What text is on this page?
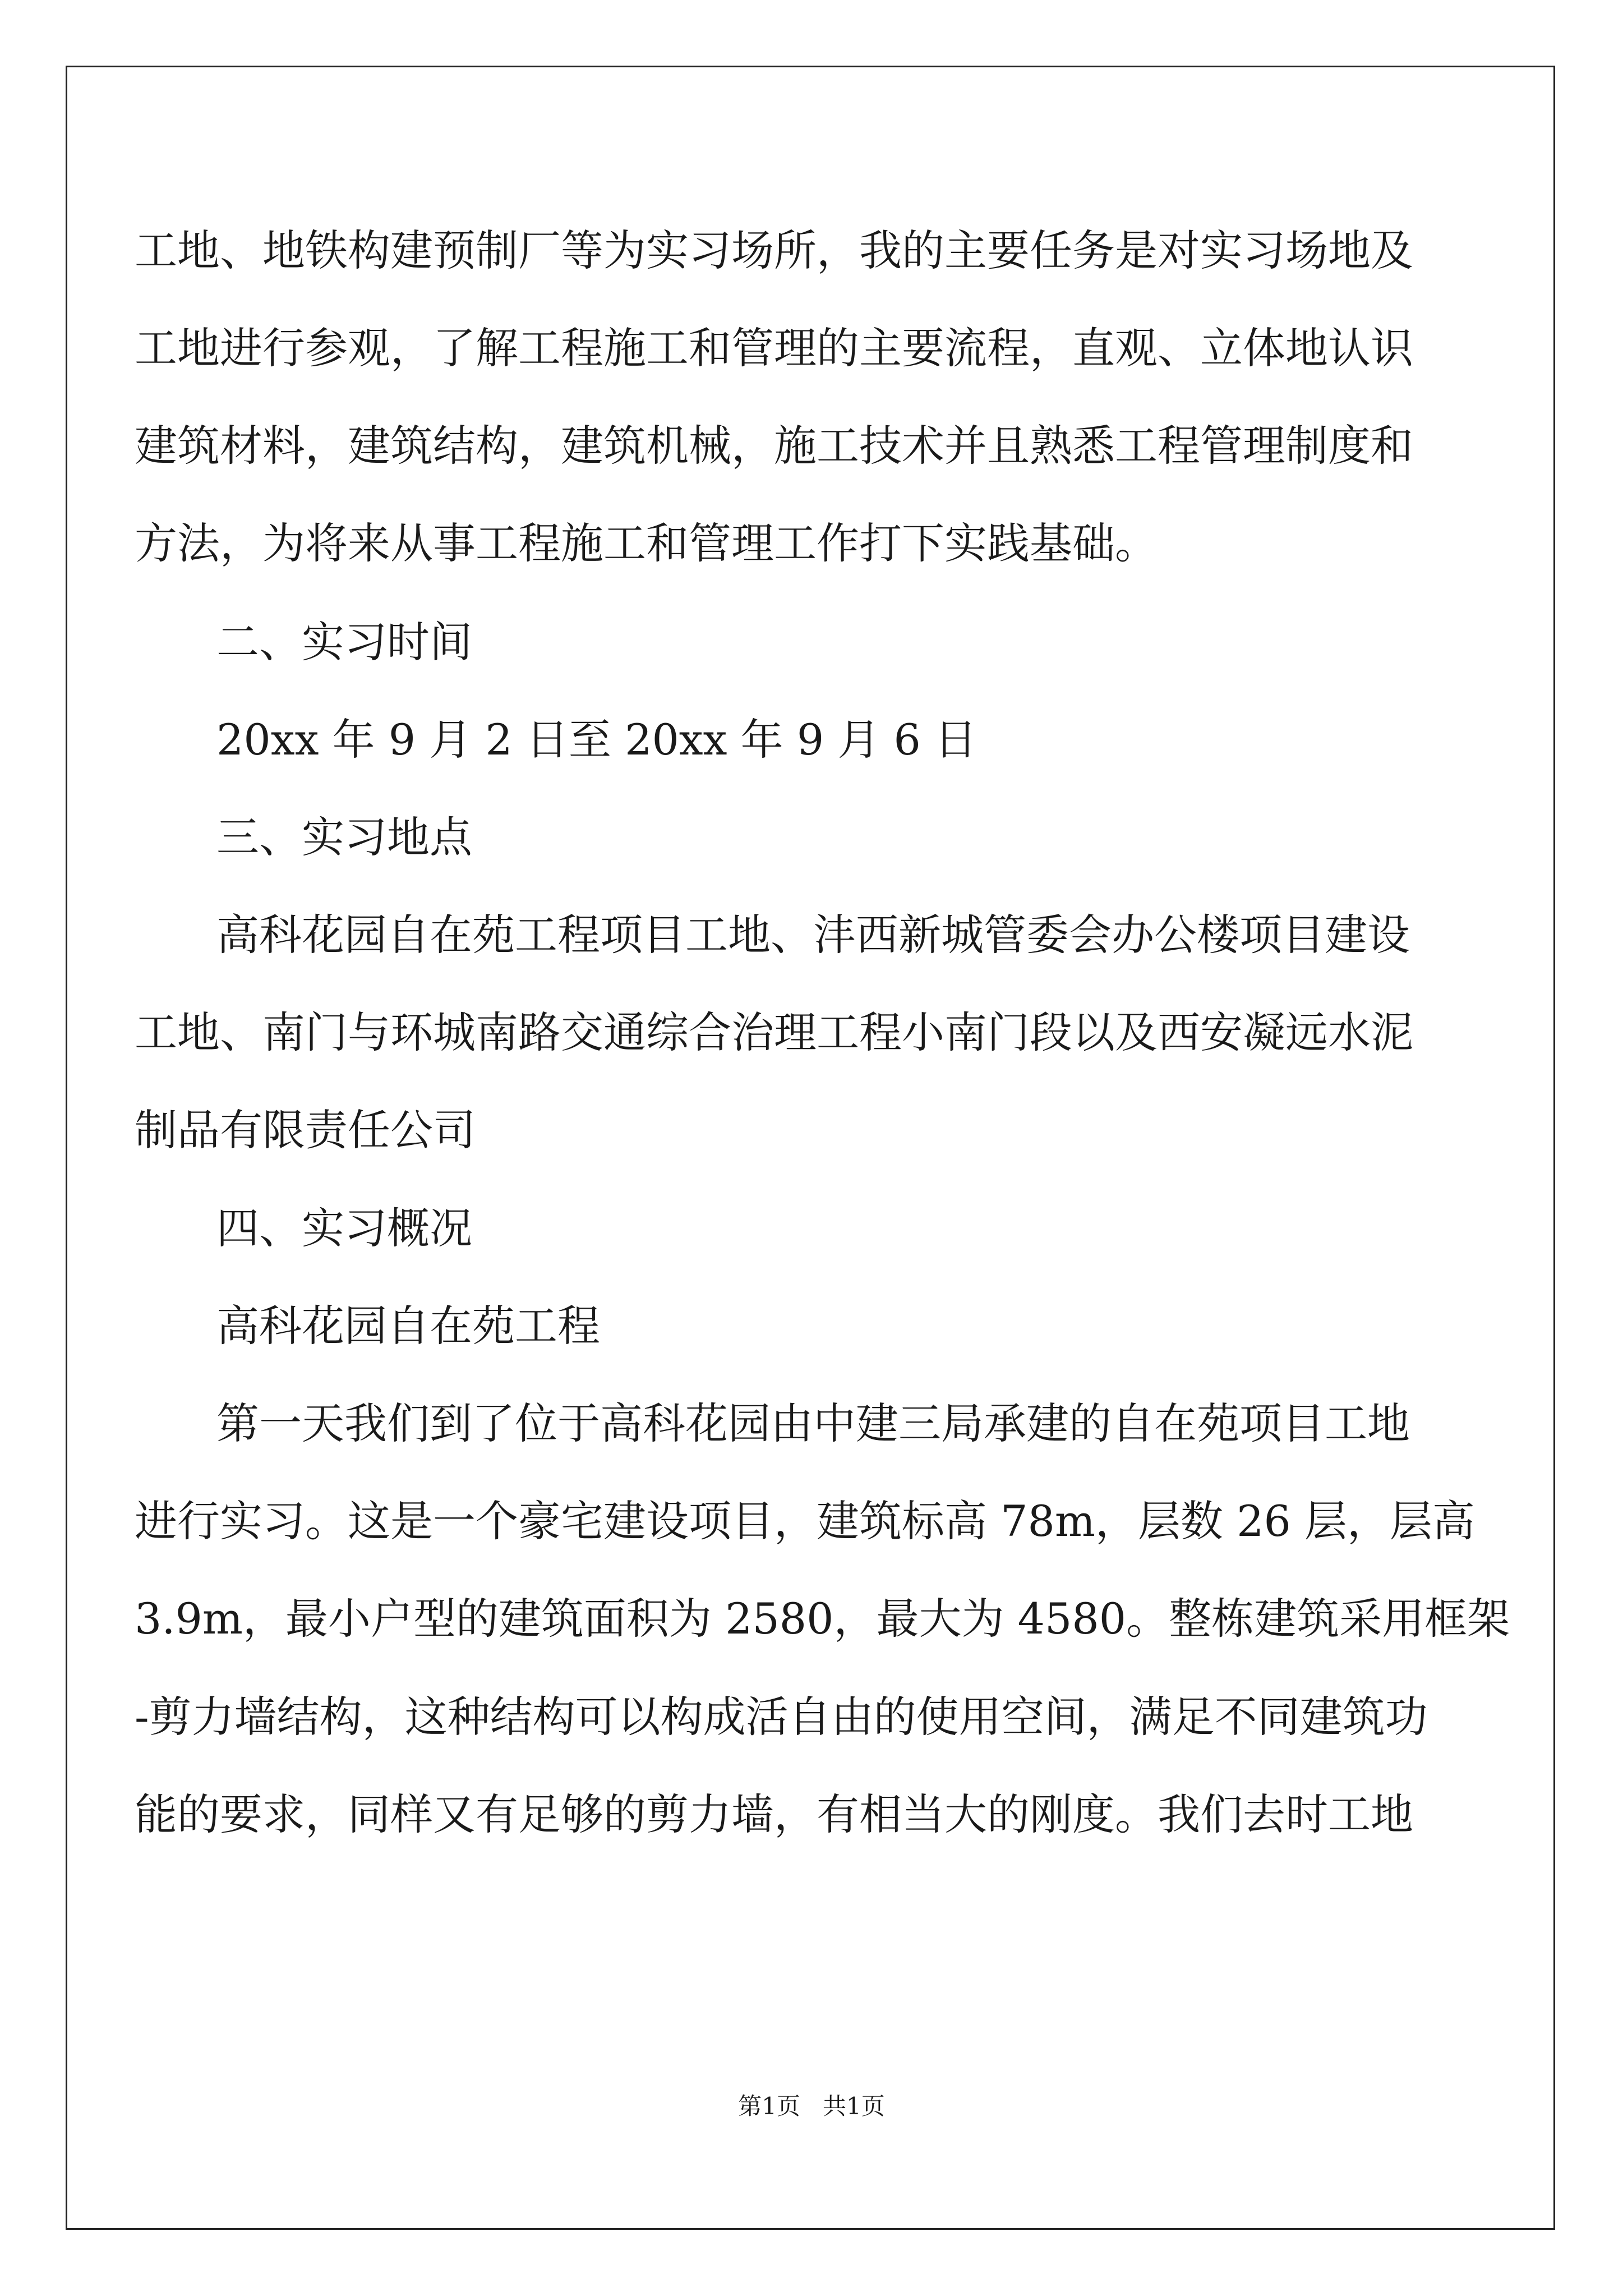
工地、地铁构建预制厂等为实习场所，我的主要任务是对实习场地及
工地进行参观，了解工程施工和管理的主要流程，直观、立体地认识
建筑材料，建筑结构，建筑机械，施工技术并且熟悉工程管理制度和
方法，为将来从事工程施工和管理工作打下实践基础。
二、实习时间
20xx 年 9 月 2 日至 20xx 年 9 月 6 日
三、实习地点
高科花园自在苑工程项目工地、沣西新城管委会办公楼项目建设
工地、南门与环城南路交通综合治理工程小南门段以及西安凝远水泥
制品有限责任公司
四、实习概况
高科花园自在苑工程
第一天我们到了位于高科花园由中建三局承建的自在苑项目工地
进行实习。这是一个豪宅建设项目，建筑标高 78m，层数 26 层，层高
3.9m，最小户型的建筑面积为 2580，最大为 4580。整栋建筑采用框架
-剪力墙结构，这种结构可以构成活自由的使用空间，满足不同建筑功
能的要求，同样又有足够的剪力墙，有相当大的刚度。我们去时工地
第1页   共1页
